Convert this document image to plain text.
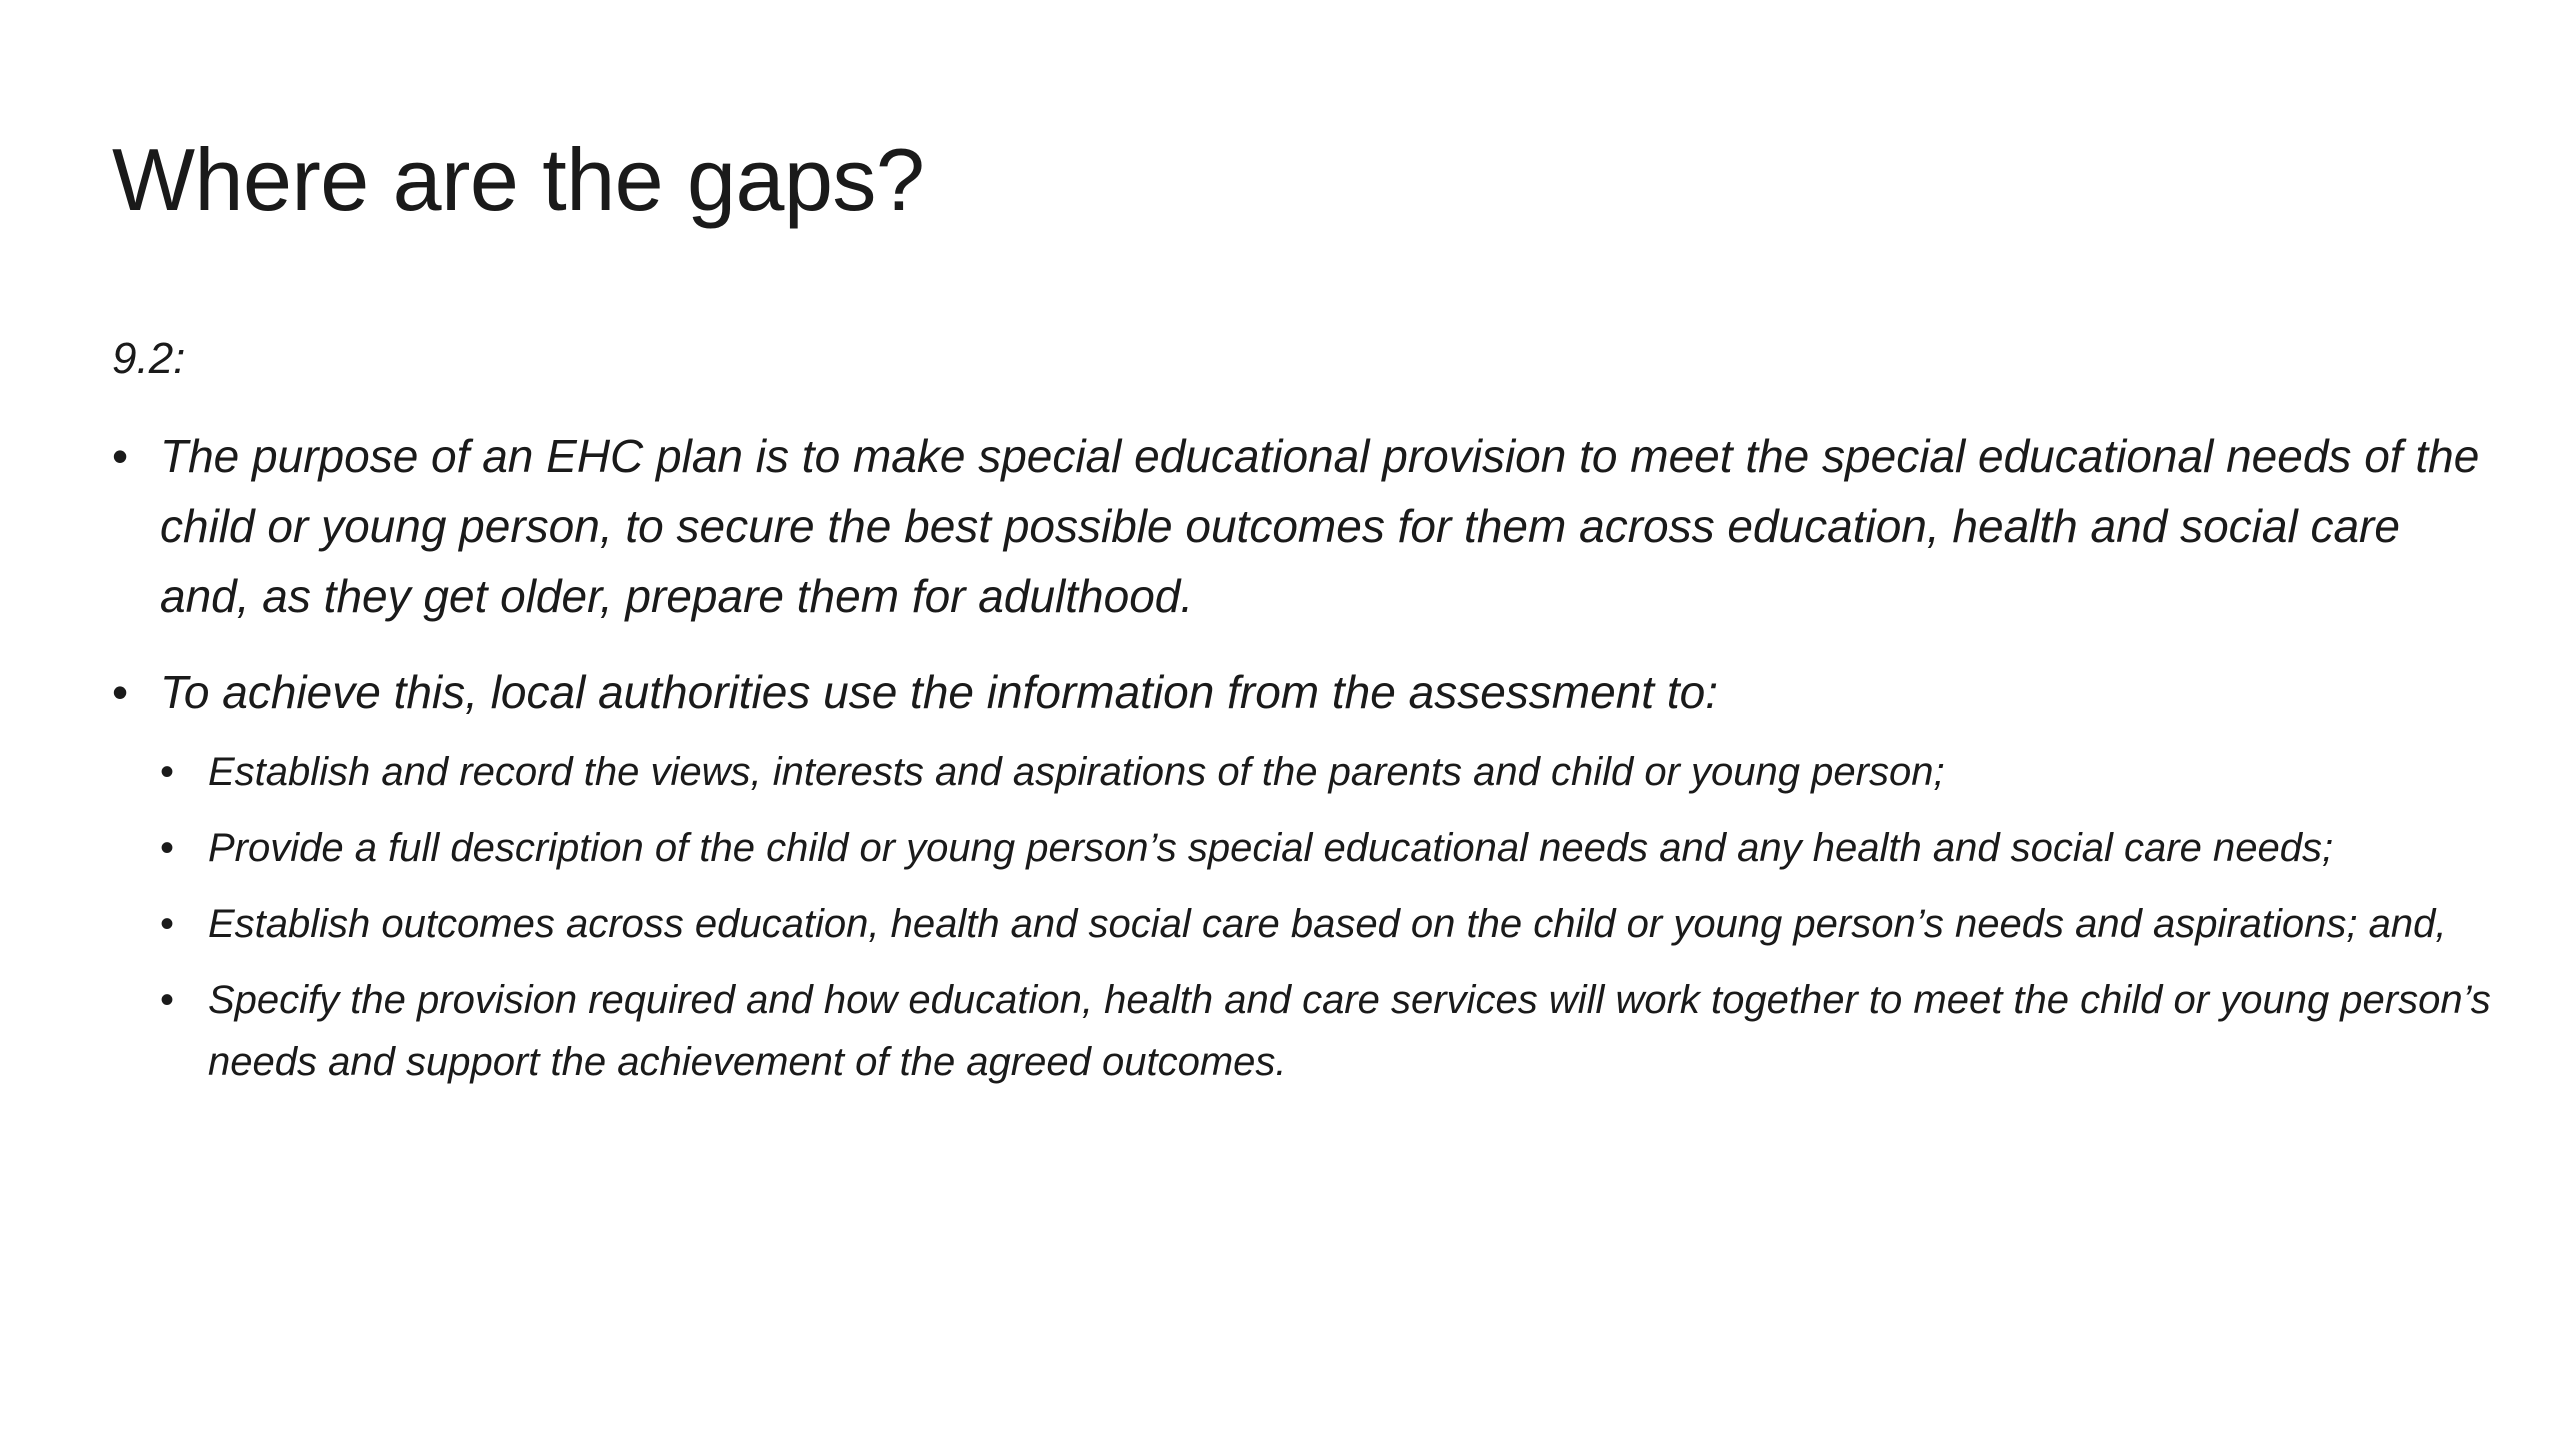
Where are the gaps?
9.2:
• The purpose of an EHC plan is to make special educational provision to meet the special educational needs of the child or young person, to secure the best possible outcomes for them across education, health and social care and, as they get older, prepare them for adulthood.
• To achieve this, local authorities use the information from the assessment to:
• Establish and record the views, interests and aspirations of the parents and child or young person;
• Provide a full description of the child or young person’s special educational needs and any health and social care needs;
• Establish outcomes across education, health and social care based on the child or young person’s needs and aspirations; and,
• Specify the provision required and how education, health and care services will work together to meet the child or young person’s needs and support the achievement of the agreed outcomes.
